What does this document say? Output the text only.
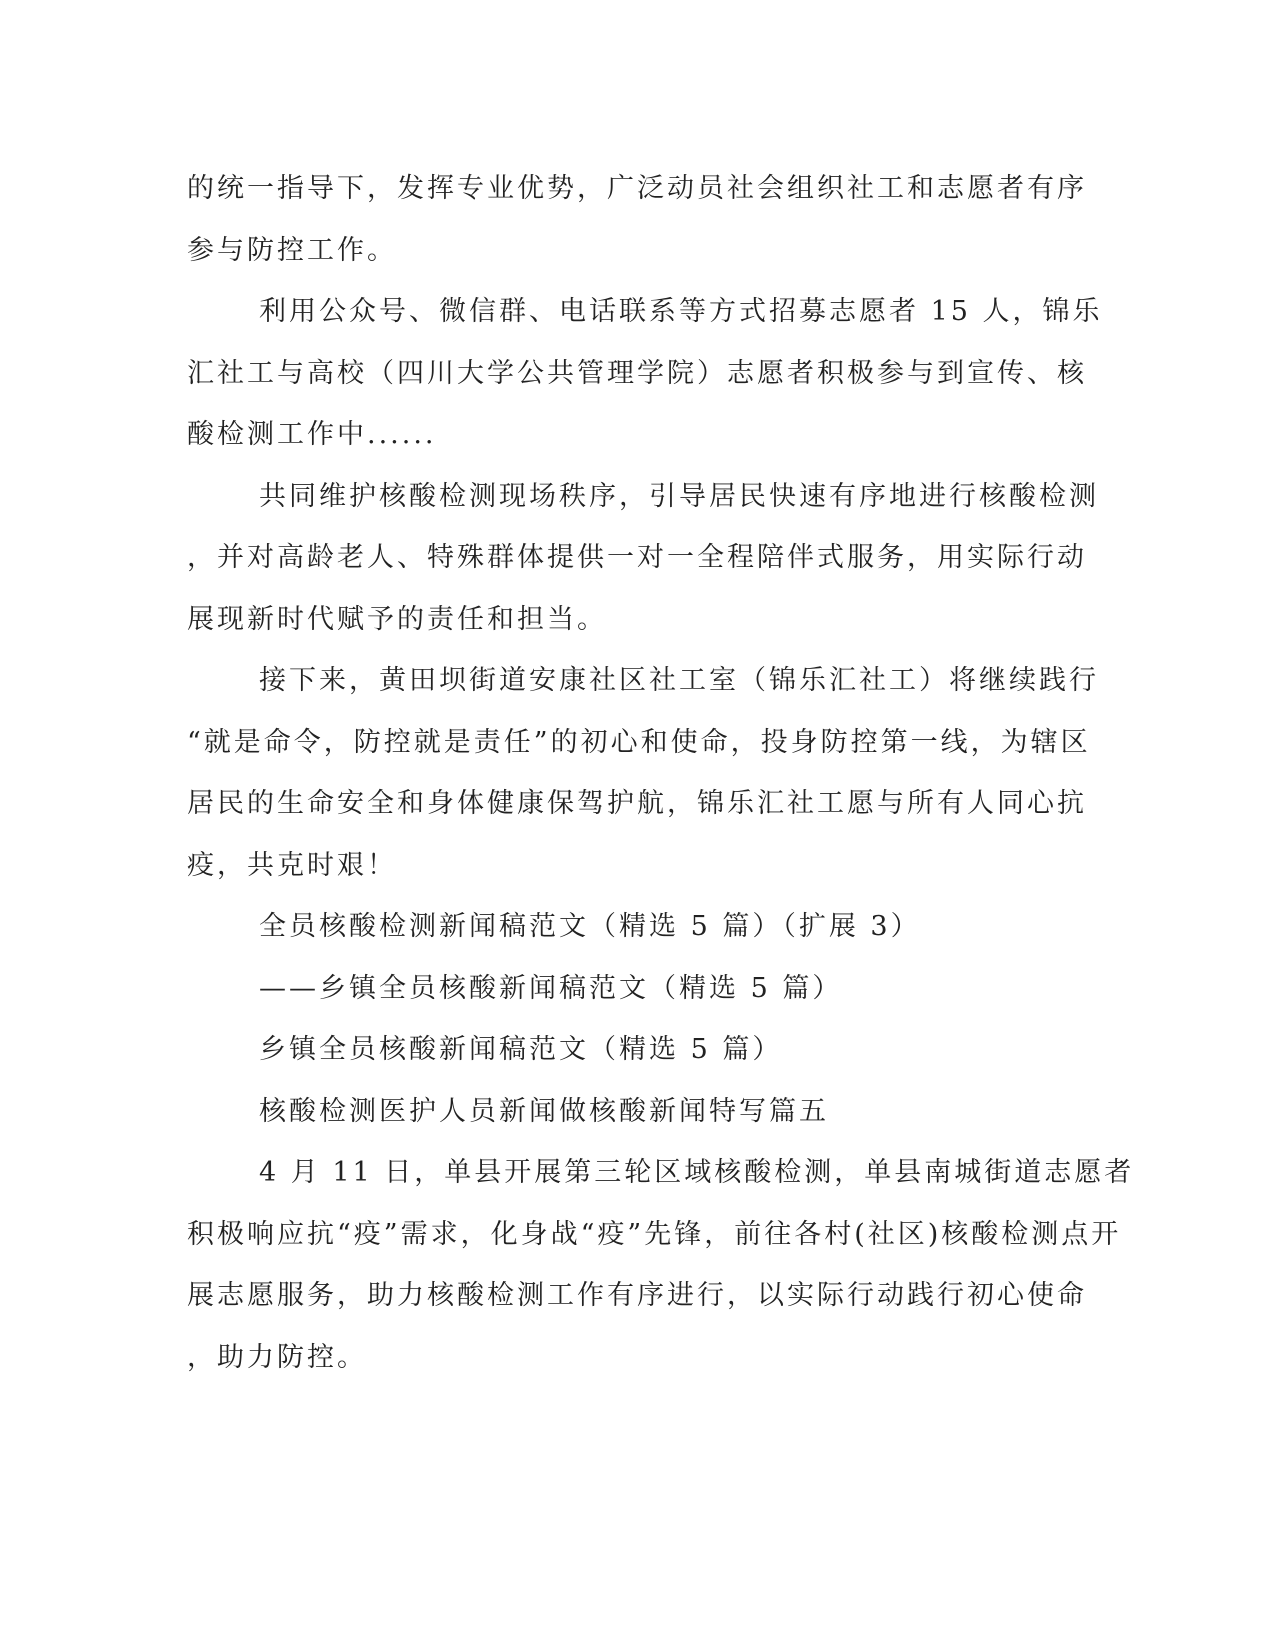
的统一指导下，发挥专业优势，广泛动员社会组织社工和志愿者有序
参与防控工作。
利用公众号、微信群、电话联系等方式招募志愿者 15 人，锦乐
汇社工与高校（四川大学公共管理学院）志愿者积极参与到宣传、核
酸检测工作中......
共同维护核酸检测现场秩序，引导居民快速有序地进行核酸检测
，并对高龄老人、特殊群体提供一对一全程陪伴式服务，用实际行动
展现新时代赋予的责任和担当。
接下来，黄田坝街道安康社区社工室（锦乐汇社工）将继续践行
“就是命令，防控就是责任”的初心和使命，投身防控第一线，为辖区
居民的生命安全和身体健康保驾护航，锦乐汇社工愿与所有人同心抗
疫，共克时艰！
全员核酸检测新闻稿范文（精选 5 篇）（扩展 3）
——乡镇全员核酸新闻稿范文（精选 5 篇）
乡镇全员核酸新闻稿范文（精选 5 篇）
核酸检测医护人员新闻做核酸新闻特写篇五
4 月 11 日，单县开展第三轮区域核酸检测，单县南城街道志愿者
积极响应抗“疫”需求，化身战“疫”先锋，前往各村(社区)核酸检测点开
展志愿服务，助力核酸检测工作有序进行，以实际行动践行初心使命
，助力防控。
